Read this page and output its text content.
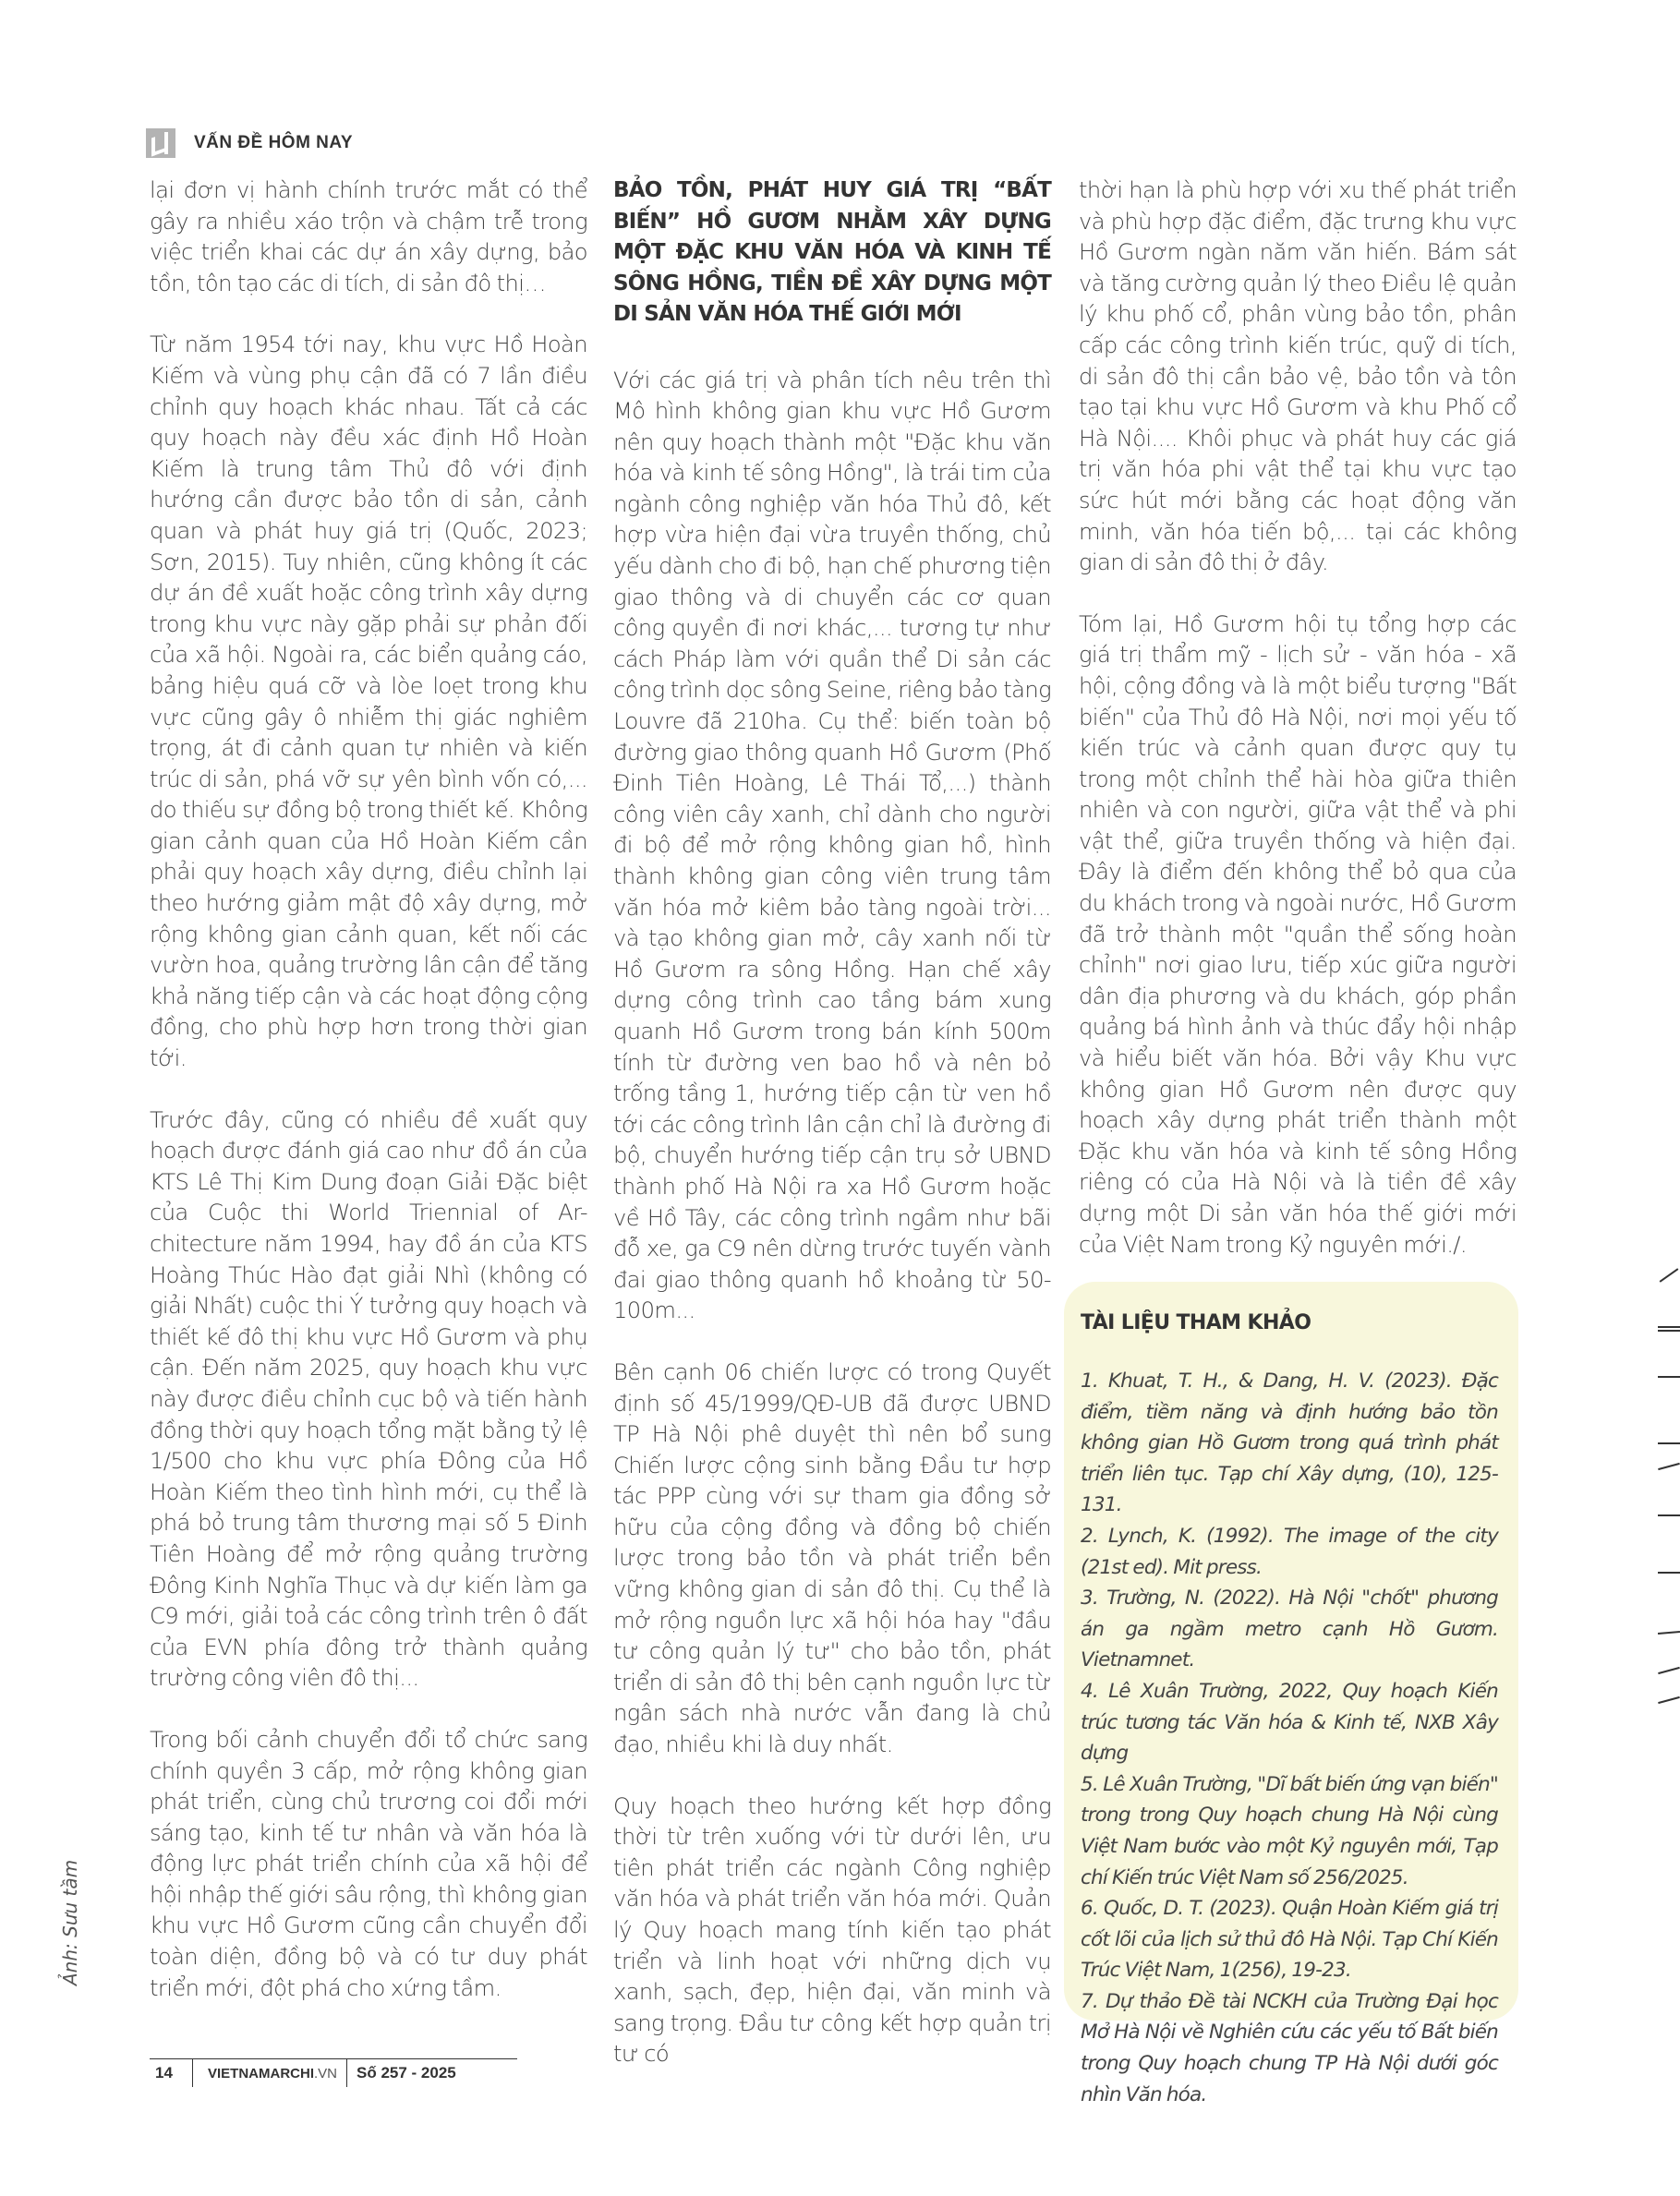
VẤN ĐỀ HÔM NAY

lại đơn vị hành chính trước mắt có thể gây ra nhiều xáo trộn và chậm trễ trong việc triển khai các dự án xây dựng, bảo tồn, tôn tạo các di tích, di sản đô thị…

Từ năm 1954 tới nay, khu vực Hồ Hoàn Kiếm và vùng phụ cận đã có 7 lần điều chỉnh quy hoạch khác nhau. Tất cả các quy hoạch này đều xác định Hồ Hoàn Kiếm là trung tâm Thủ đô với định hướng cần được bảo tồn di sản, cảnh quan và phát huy giá trị (Quốc, 2023; Sơn, 2015). Tuy nhiên, cũng không ít các dự án đề xuất hoặc công trình xây dựng trong khu vực này gặp phải sự phản đối của xã hội. Ngoài ra, các biển quảng cáo, bảng hiệu quá cỡ và lòe loẹt trong khu vực cũng gây ô nhiễm thị giác nghiêm trọng, át đi cảnh quan tự nhiên và kiến trúc di sản, phá vỡ sự yên bình vốn có,... do thiếu sự đồng bộ trong thiết kế. Không gian cảnh quan của Hồ Hoàn Kiếm cần phải quy hoạch xây dựng, điều chỉnh lại theo hướng giảm mật độ xây dựng, mở rộng không gian cảnh quan, kết nối các vườn hoa, quảng trường lân cận để tăng khả năng tiếp cận và các hoạt động cộng đồng, cho phù hợp hơn trong thời gian tới.

Trước đây, cũng có nhiều đề xuất quy hoạch được đánh giá cao như đồ án của KTS Lê Thị Kim Dung đoạn Giải Đặc biệt của Cuộc thi World Triennial of Ar-chitecture năm 1994, hay đồ án của KTS Hoàng Thúc Hào đạt giải Nhì (không có giải Nhất) cuộc thi Ý tưởng quy hoạch và thiết kế đô thị khu vực Hồ Gươm và phụ cận. Đến năm 2025, quy hoạch khu vực này được điều chỉnh cục bộ và tiến hành đồng thời quy hoạch tổng mặt bằng tỷ lệ 1/500 cho khu vực phía Đông của Hồ Hoàn Kiếm theo tình hình mới, cụ thể là phá bỏ trung tâm thương mại số 5 Đinh Tiên Hoàng để mở rộng quảng trường Đông Kinh Nghĩa Thục và dự kiến làm ga C9 mới, giải toả các công trình trên ô đất của EVN phía đông trở thành quảng trường công viên đô thị...

Trong bối cảnh chuyển đổi tổ chức sang chính quyền 3 cấp, mở rộng không gian phát triển, cùng chủ trương coi đổi mới sáng tạo, kinh tế tư nhân và văn hóa là động lực phát triển chính của xã hội để hội nhập thế giới sâu rộng, thì không gian khu vực Hồ Gươm cũng cần chuyển đổi toàn diện, đồng bộ và có tư duy phát triển mới, đột phá cho xứng tầm.

BẢO TỒN, PHÁT HUY GIÁ TRỊ “BẤT BIẾN” HỒ GƯƠM NHẰM XÂY DỰNG MỘT ĐẶC KHU VĂN HÓA VÀ KINH TẾ SÔNG HỒNG, TIỀN ĐỀ XÂY DỰNG MỘT DI SẢN VĂN HÓA THẾ GIỚI MỚI

Với các giá trị và phân tích nêu trên thì Mô hình không gian khu vực Hồ Gươm nên quy hoạch thành một "Đặc khu văn hóa và kinh tế sông Hồng", là trái tim của ngành công nghiệp văn hóa Thủ đô, kết hợp vừa hiện đại vừa truyền thống, chủ yếu dành cho đi bộ, hạn chế phương tiện giao thông và di chuyển các cơ quan công quyền đi nơi khác,... tương tự như cách Pháp làm với quần thể Di sản các công trình dọc sông Seine, riêng bảo tàng Louvre đã 210ha. Cụ thể: biến toàn bộ đường giao thông quanh Hồ Gươm (Phố Đinh Tiên Hoàng, Lê Thái Tổ,...) thành công viên cây xanh, chỉ dành cho người đi bộ để mở rộng không gian hồ, hình thành không gian công viên trung tâm văn hóa mở kiêm bảo tàng ngoài trời... và tạo không gian mở, cây xanh nối từ Hồ Gươm ra sông Hồng. Hạn chế xây dựng công trình cao tầng bám xung quanh Hồ Gươm trong bán kính 500m tính từ đường ven bao hồ và nên bỏ trống tầng 1, hướng tiếp cận từ ven hồ tới các công trình lân cận chỉ là đường đi bộ, chuyển hướng tiếp cận trụ sở UBND thành phố Hà Nội ra xa Hồ Gươm hoặc về Hồ Tây, các công trình ngầm như bãi đỗ xe, ga C9 nên dừng trước tuyến vành đai giao thông quanh hồ khoảng từ 50-100m...

Bên cạnh 06 chiến lược có trong Quyết định số 45/1999/QĐ-UB đã được UBND TP Hà Nội phê duyệt thì nên bổ sung Chiến lược cộng sinh bằng Đầu tư hợp tác PPP cùng với sự tham gia đồng sở hữu của cộng đồng và đồng bộ chiến lược trong bảo tồn và phát triển bền vững không gian di sản đô thị. Cụ thể là mở rộng nguồn lực xã hội hóa hay "đầu tư công quản lý tư" cho bảo tồn, phát triển di sản đô thị bên cạnh nguồn lực từ ngân sách nhà nước vẫn đang là chủ đạo, nhiều khi là duy nhất.

Quy hoạch theo hướng kết hợp đồng thời từ trên xuống với từ dưới lên, ưu tiên phát triển các ngành Công nghiệp văn hóa và phát triển văn hóa mới. Quản lý Quy hoạch mang tính kiến tạo phát triển và linh hoạt với những dịch vụ xanh, sạch, đẹp, hiện đại, văn minh và sang trọng. Đầu tư công kết hợp quản trị tư có

thời hạn là phù hợp với xu thế phát triển và phù hợp đặc điểm, đặc trưng khu vực Hồ Gươm ngàn năm văn hiến. Bám sát và tăng cường quản lý theo Điều lệ quản lý khu phố cổ, phân vùng bảo tồn, phân cấp các công trình kiến trúc, quỹ di tích, di sản đô thị cần bảo vệ, bảo tồn và tôn tạo tại khu vực Hồ Gươm và khu Phố cổ Hà Nội.... Khôi phục và phát huy các giá trị văn hóa phi vật thể tại khu vực tạo sức hút mới bằng các hoạt động văn minh, văn hóa tiến bộ,... tại các không gian di sản đô thị ở đây.

Tóm lại, Hồ Gươm hội tụ tổng hợp các giá trị thẩm mỹ - lịch sử - văn hóa - xã hội, cộng đồng và là một biểu tượng "Bất biến" của Thủ đô Hà Nội, nơi mọi yếu tố kiến trúc và cảnh quan được quy tụ trong một chỉnh thể hài hòa giữa thiên nhiên và con người, giữa vật thể và phi vật thể, giữa truyền thống và hiện đại. Đây là điểm đến không thể bỏ qua của du khách trong và ngoài nước, Hồ Gươm đã trở thành một "quần thể sống hoàn chỉnh" nơi giao lưu, tiếp xúc giữa người dân địa phương và du khách, góp phần quảng bá hình ảnh và thúc đẩy hội nhập và hiểu biết văn hóa. Bởi vậy Khu vực không gian Hồ Gươm nên được quy hoạch xây dựng phát triển thành một Đặc khu văn hóa và kinh tế sông Hồng riêng có của Hà Nội và là tiền đề xây dựng một Di sản văn hóa thế giới mới của Việt Nam trong Kỷ nguyên mới./.

TÀI LIỆU THAM KHẢO

1. Khuat, T. H., & Dang, H. V. (2023). Đặc điểm, tiềm năng và định hướng bảo tồn không gian Hồ Gươm trong quá trình phát triển liên tục. Tạp chí Xây dựng, (10), 125-131.

2. Lynch, K. (1992). The image of the city (21st ed). Mit press.

3. Trường, N. (2022). Hà Nội "chốt" phương án ga ngầm metro cạnh Hồ Gươm. Vietnamnet.

4. Lê Xuân Trường, 2022, Quy hoạch Kiến trúc tương tác Văn hóa & Kinh tế, NXB Xây dựng

5. Lê Xuân Trường, "Dĩ bất biến ứng vạn biến" trong trong Quy hoạch chung Hà Nội cùng Việt Nam bước vào một Kỷ nguyên mới, Tạp chí Kiến trúc Việt Nam số 256/2025.

6. Quốc, D. T. (2023). Quận Hoàn Kiếm giá trị cốt lõi của lịch sử thủ đô Hà Nội. Tạp Chí Kiến Trúc Việt Nam, 1(256), 19-23.

7. Dự thảo Đề tài NCKH của Trường Đại học Mở Hà Nội về Nghiên cứu các yếu tố Bất biến trong Quy hoạch chung TP Hà Nội dưới góc nhìn Văn hóa.

Ảnh: Sưu tầm
14	VIETNAMARCHI.VN	Số 257 - 2025
